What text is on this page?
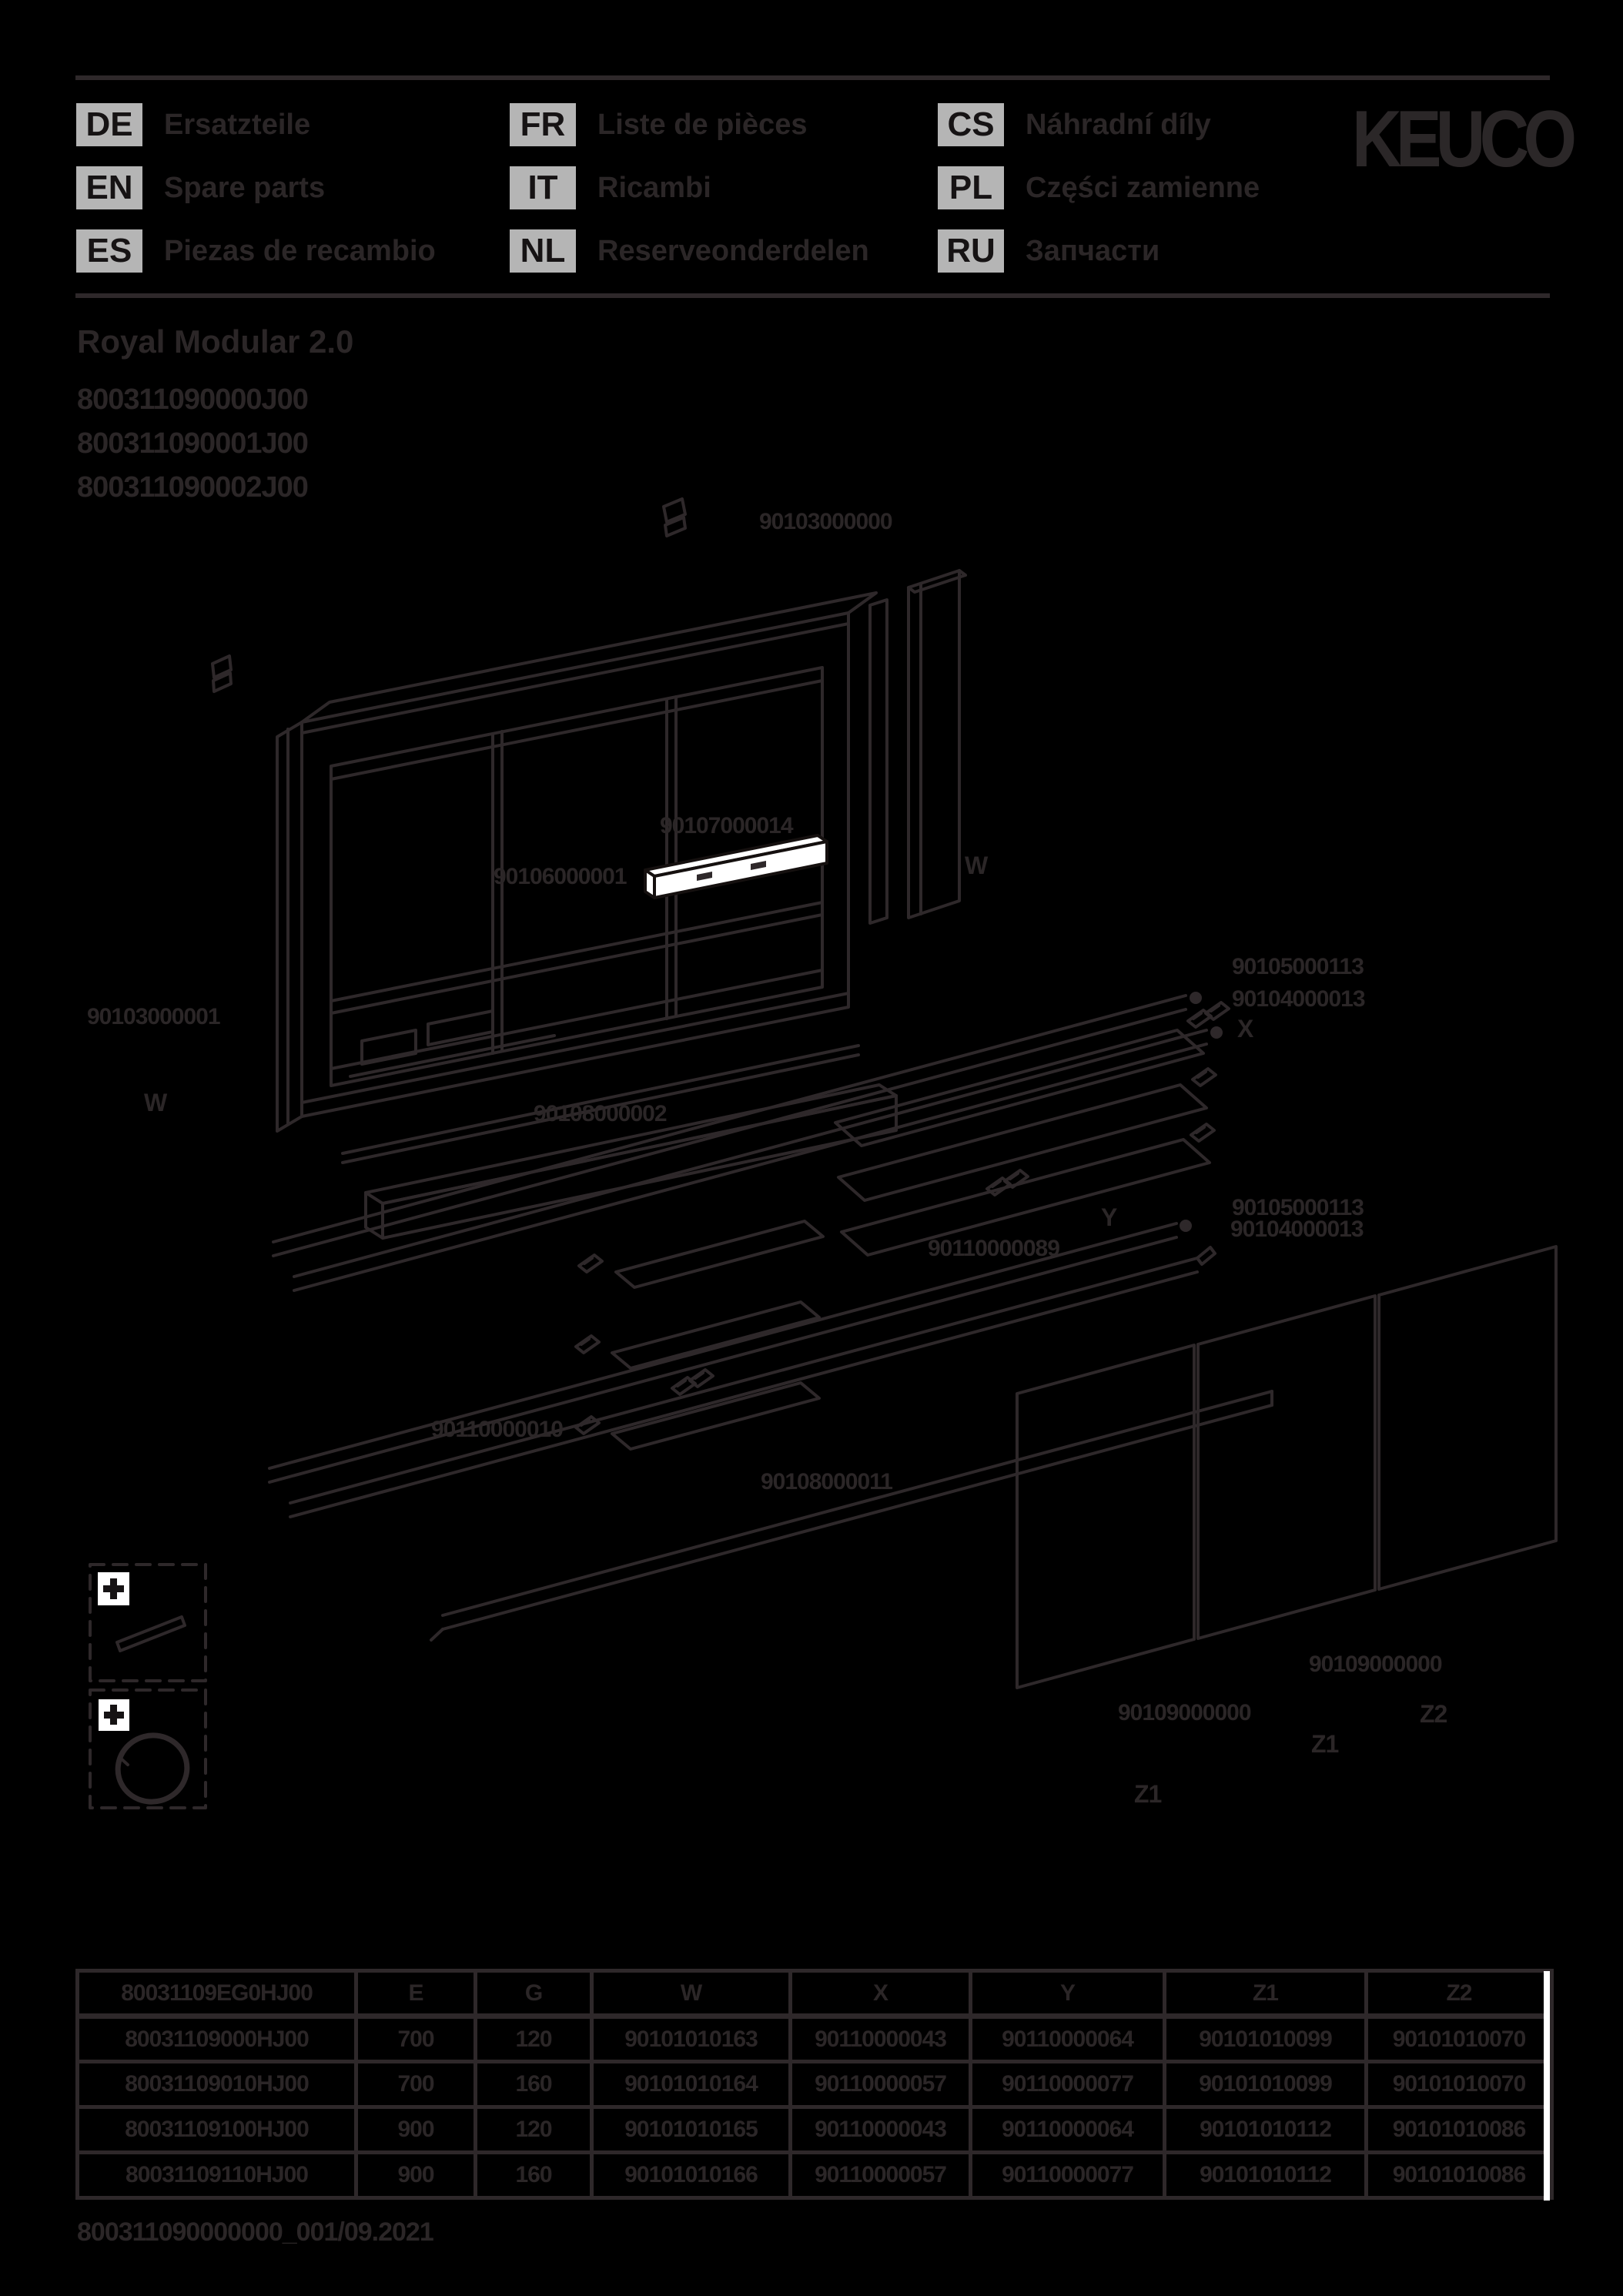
DE
EN
ES
Ersatzteile
Spare parts
Piezas de recambio
FR
IT
NL
Liste de pièces
Ricambi
Reserveonderdelen
CS
PL
RU
Náhradní díly
Części zamienne
Запчасти
KEUCO
Royal Modular 2.0
800311090000J00
800311090001J00
800311090002J00
90103000000
90107000014
90106000001	W
90103000001
W
90105000113
90104000013
X
90108000002
Y	90105000113
90104000013
90110000089
90110000010
90108000011
90109000000
90109000000	Z2
Z1
Z1
80031109EG0HJ00	E	G	W	X	Y	Z1	Z2
80031109000HJ00	700	120	90101010163	90110000043	90110000064	90101010099	90101010070
80031109010HJ00	700	160	90101010164	90110000057	90110000077	90101010099	90101010070
80031109100HJ00	900	120	90101010165	90110000043	90110000064	90101010112	90101010086
80031109110HJ00	900	160	90101010166	90110000057	90110000077	90101010112	90101010086
800311090000000_001/09.2021
